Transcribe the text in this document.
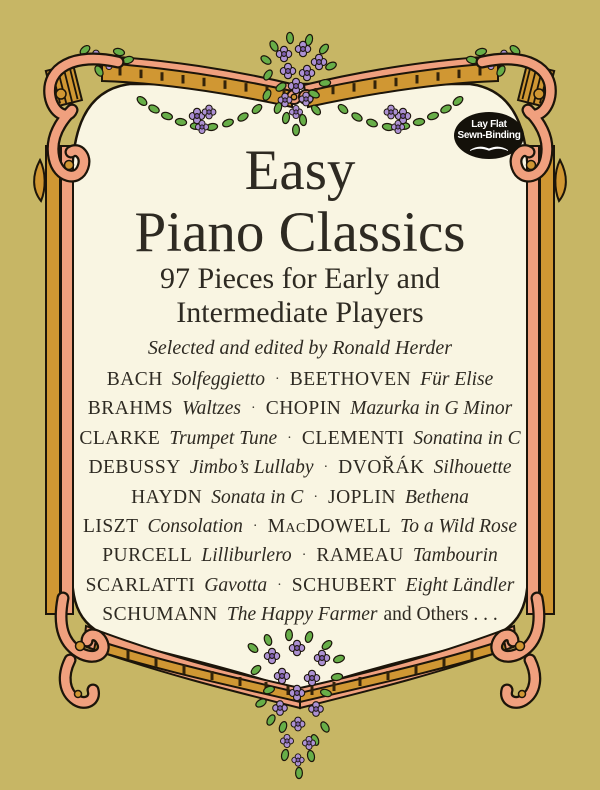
Lay Flat
Sewn-Binding
Easy
Piano Classics
97 Pieces for Early and
Intermediate Players
Selected and edited by Ronald Herder
BACH Solfeggietto · BEETHOVEN Für Elise
BRAHMS Waltzes · CHOPIN Mazurka in G Minor
CLARKE Trumpet Tune · CLEMENTI Sonatina in C
DEBUSSY Jimbo’s Lullaby · DVOŘÁK Silhouette
HAYDN Sonata in C · JOPLIN Bethena
LISZT Consolation · MacDOWELL To a Wild Rose
PURCELL Lilliburlero · RAMEAU Tambourin
SCARLATTI Gavotta · SCHUBERT Eight Ländler
SCHUMANN The Happy Farmer and Others . . .
